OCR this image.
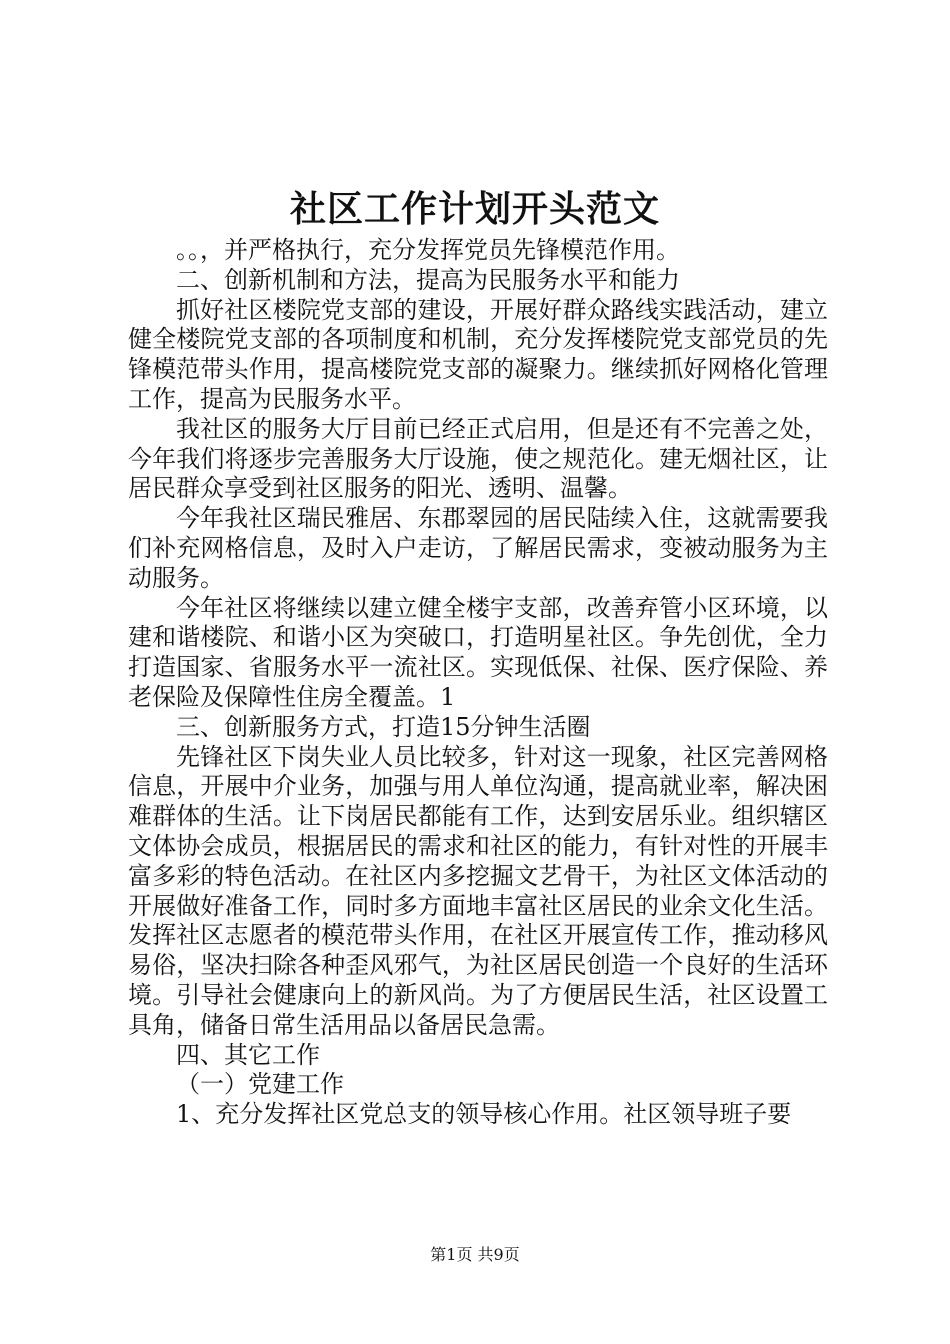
社区工作计划开头范文

。。，并严格执行，充分发挥党员先锋模范作用。

二、创新机制和方法，提高为民服务水平和能力

抓好社区楼院党支部的建设，开展好群众路线实践活动，建立健全楼院党支部的各项制度和机制，充分发挥楼院党支部党员的先锋模范带头作用，提高楼院党支部的凝聚力。继续抓好网格化管理工作，提高为民服务水平。

我社区的服务大厅目前已经正式启用，但是还有不完善之处，今年我们将逐步完善服务大厅设施，使之规范化。建无烟社区，让居民群众享受到社区服务的阳光、透明、温馨。

今年我社区瑞民雅居、东郡翠园的居民陆续入住，这就需要我们补充网格信息，及时入户走访，了解居民需求，变被动服务为主动服务。

今年社区将继续以建立健全楼宇支部，改善弃管小区环境，以建和谐楼院、和谐小区为突破口，打造明星社区。争先创优，全力打造国家、省服务水平一流社区。实现低保、社保、医疗保险、养老保险及保障性住房全覆盖。1

三、创新服务方式，打造15分钟生活圈

先锋社区下岗失业人员比较多，针对这一现象，社区完善网格信息，开展中介业务，加强与用人单位沟通，提高就业率，解决困难群体的生活。让下岗居民都能有工作，达到安居乐业。组织辖区文体协会成员，根据居民的需求和社区的能力，有针对性的开展丰富多彩的特色活动。在社区内多挖掘文艺骨干，为社区文体活动的开展做好准备工作，同时多方面地丰富社区居民的业余文化生活。发挥社区志愿者的模范带头作用，在社区开展宣传工作，推动移风易俗，坚决扫除各种歪风邪气，为社区居民创造一个良好的生活环境。引导社会健康向上的新风尚。为了方便居民生活，社区设置工具角，储备日常生活用品以备居民急需。

四、其它工作

（一）党建工作

1、充分发挥社区党总支的领导核心作用。社区领导班子要

第1页 共9页
